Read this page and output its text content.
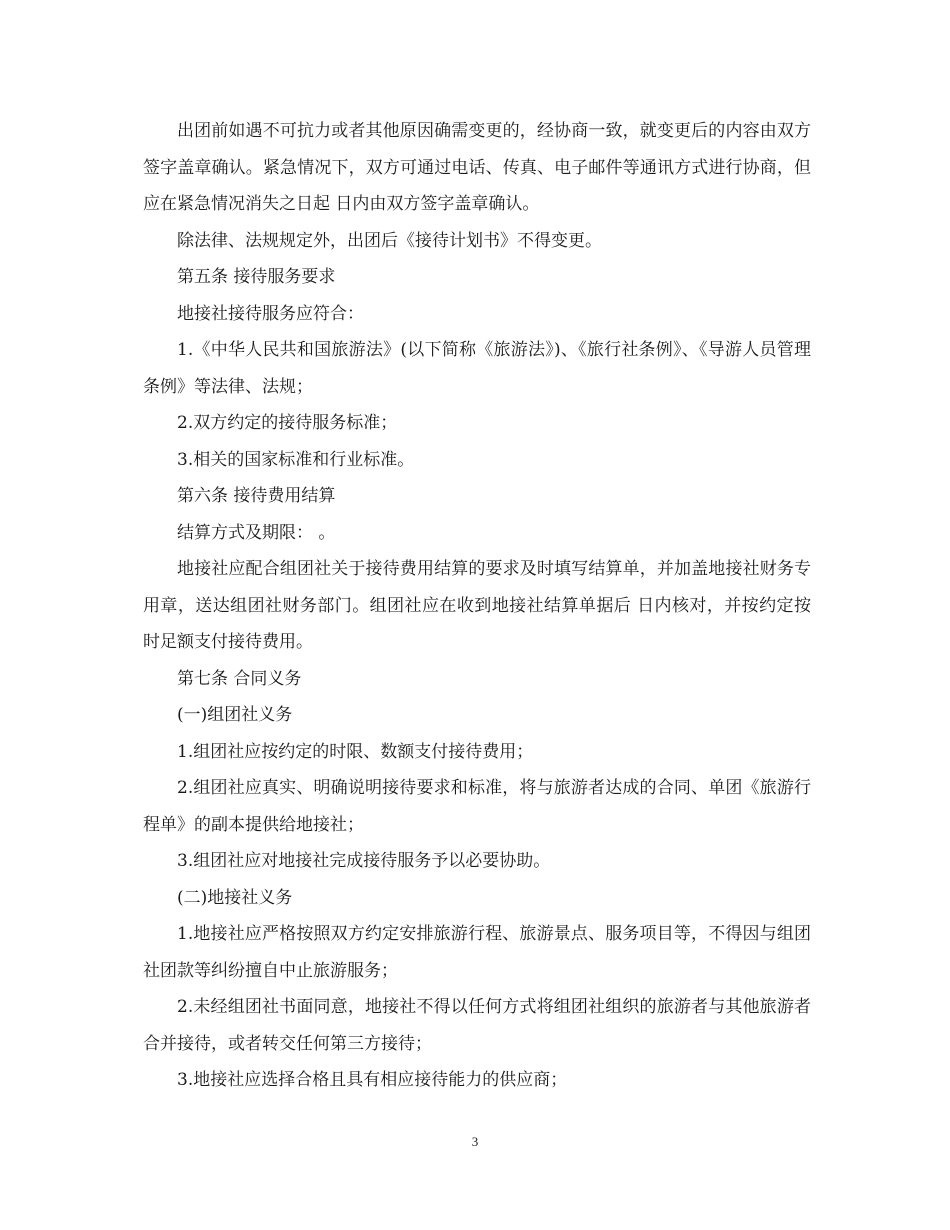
出团前如遇不可抗力或者其他原因确需变更的，经协商一致，就变更后的内容由双方签字盖章确认。紧急情况下，双方可通过电话、传真、电子邮件等通讯方式进行协商，但应在紧急情况消失之日起 日内由双方签字盖章确认。

除法律、法规规定外，出团后《接待计划书》不得变更。

第五条 接待服务要求

地接社接待服务应符合：

1.《中华人民共和国旅游法》(以下简称《旅游法》)、《旅行社条例》、《导游人员管理条例》等法律、法规；

2.双方约定的接待服务标准；

3.相关的国家标准和行业标准。

第六条 接待费用结算

结算方式及期限： 。

地接社应配合组团社关于接待费用结算的要求及时填写结算单，并加盖地接社财务专用章，送达组团社财务部门。组团社应在收到地接社结算单据后 日内核对，并按约定按时足额支付接待费用。

第七条 合同义务

(一)组团社义务

1.组团社应按约定的时限、数额支付接待费用；

2.组团社应真实、明确说明接待要求和标准，将与旅游者达成的合同、单团《旅游行程单》的副本提供给地接社；

3.组团社应对地接社完成接待服务予以必要协助。

(二)地接社义务

1.地接社应严格按照双方约定安排旅游行程、旅游景点、服务项目等，不得因与组团社团款等纠纷擅自中止旅游服务；

2.未经组团社书面同意，地接社不得以任何方式将组团社组织的旅游者与其他旅游者合并接待，或者转交任何第三方接待；

3.地接社应选择合格且具有相应接待能力的供应商；

3
